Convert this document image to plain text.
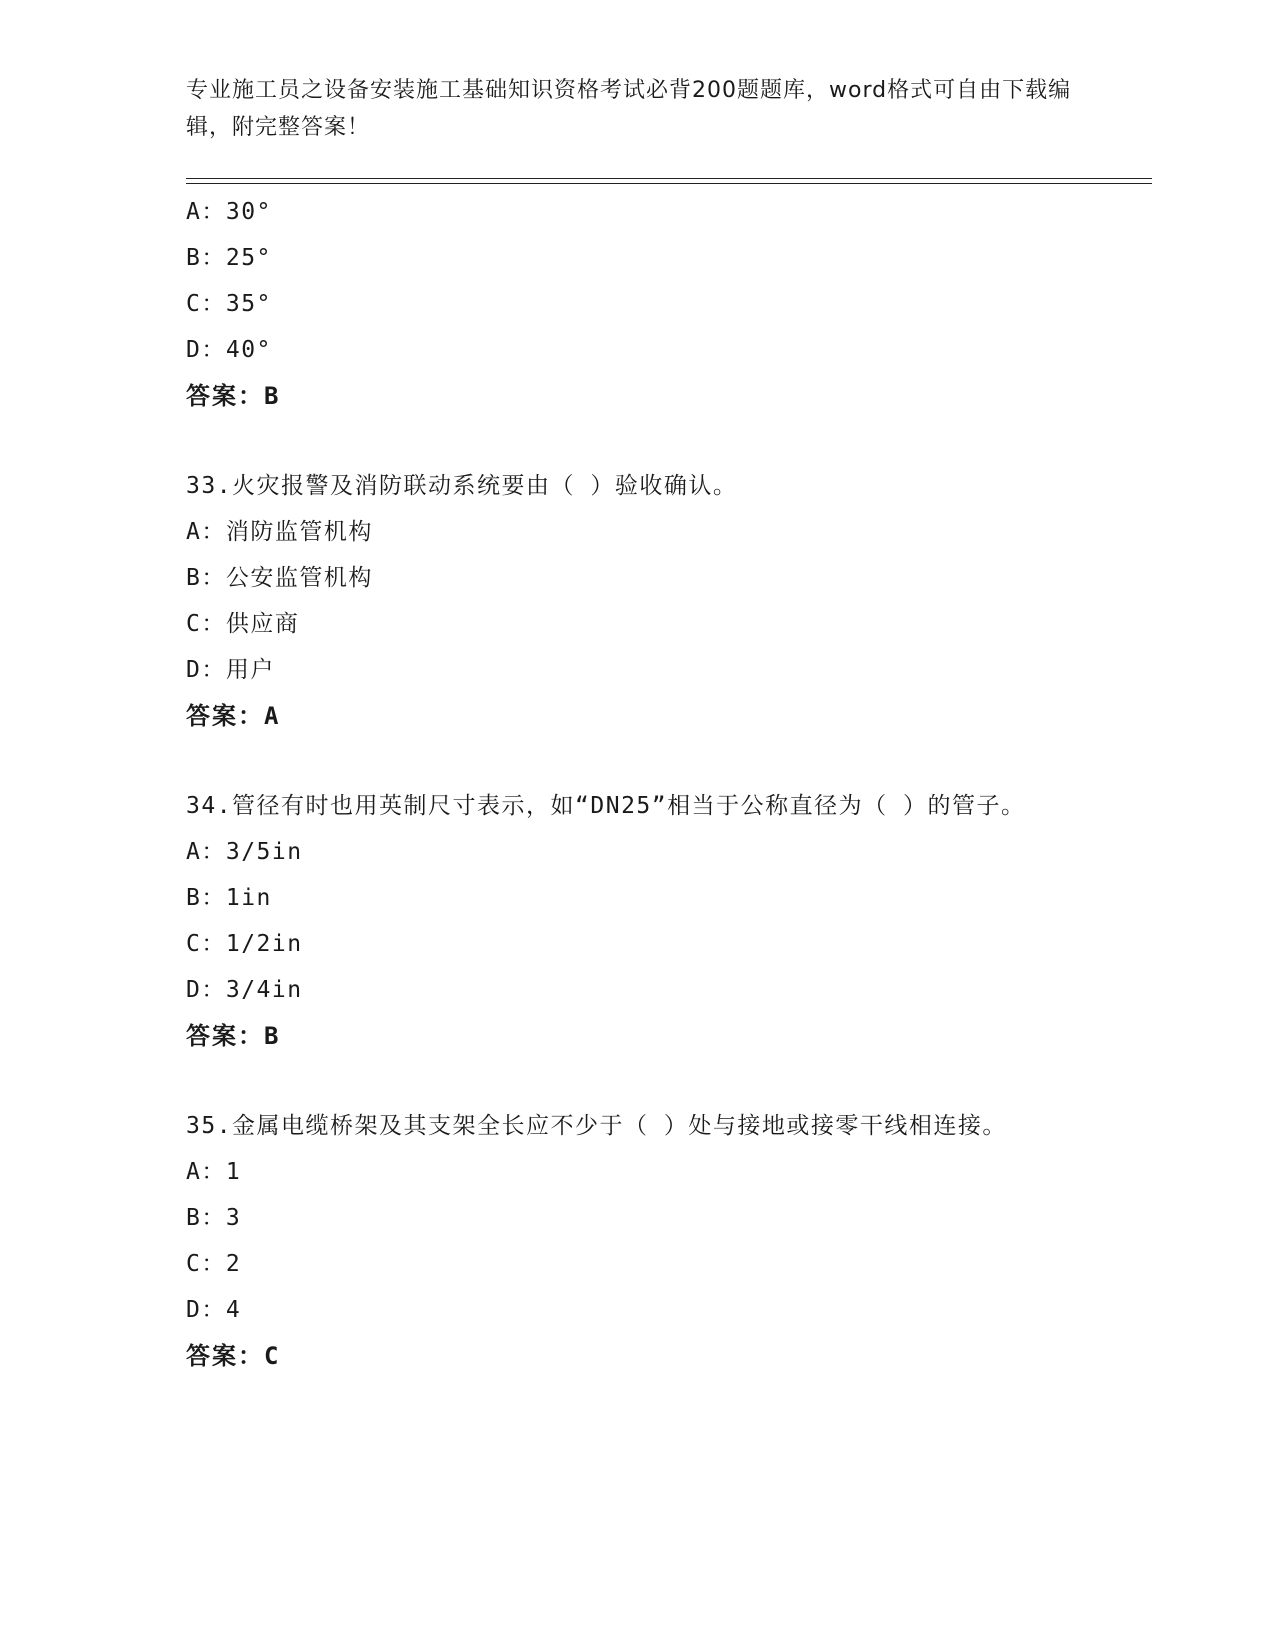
专业施工员之设备安装施工基础知识资格考试必背200题题库，word格式可自由下载编辑，附完整答案！
A：30°
B：25°
C：35°
D：40°
答案：B
33.火灾报警及消防联动系统要由（ ）验收确认。
A：消防监管机构
B：公安监管机构
C：供应商
D：用户
答案：A
34.管径有时也用英制尺寸表示，如“DN25”相当于公称直径为（ ）的管子。
A：3/5in
B：1in
C：1/2in
D：3/4in
答案：B
35.金属电缆桥架及其支架全长应不少于（ ）处与接地或接零干线相连接。
A：1
B：3
C：2
D：4
答案：C
